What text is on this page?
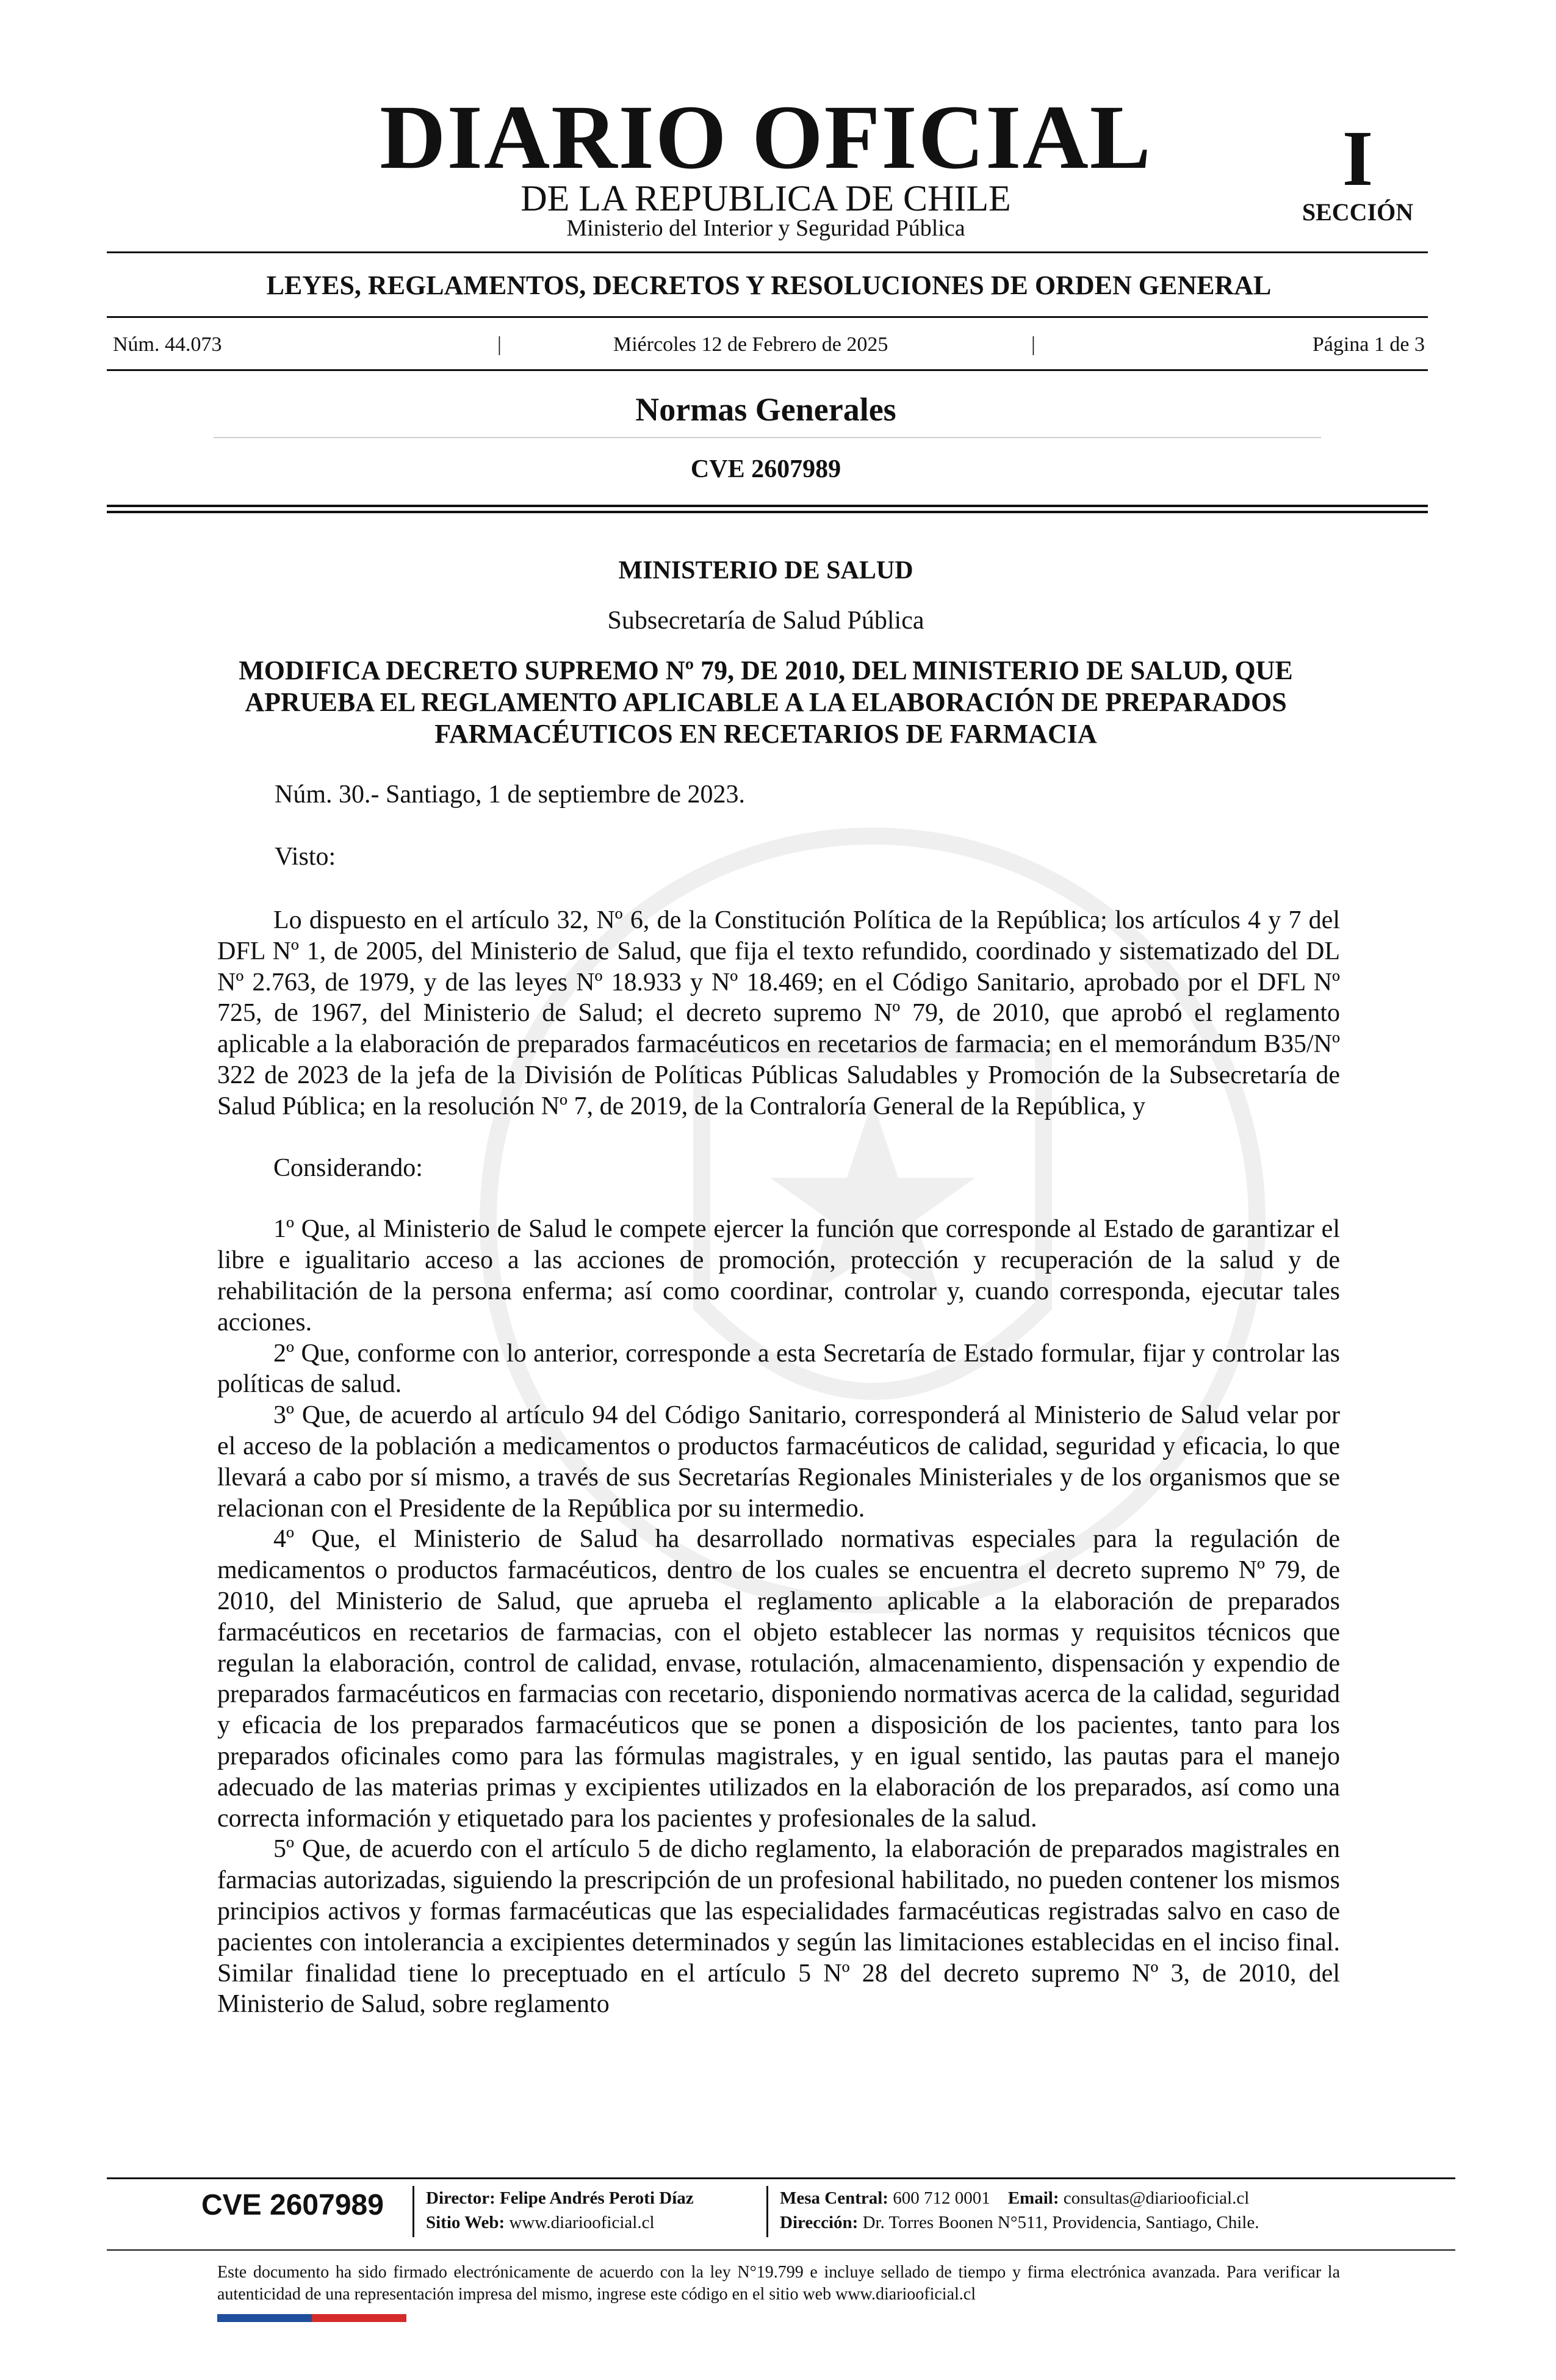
DIARIO OFICIAL
DE LA REPUBLICA DE CHILE
Ministerio del Interior y Seguridad Pública
I
SECCIÓN
LEYES, REGLAMENTOS, DECRETOS Y RESOLUCIONES DE ORDEN GENERAL
Núm. 44.073	|	Miércoles 12 de Febrero de 2025	|	Página 1 de 3
Normas Generales
CVE 2607989
MINISTERIO DE SALUD
Subsecretaría de Salud Pública
MODIFICA DECRETO SUPREMO Nº 79, DE 2010, DEL MINISTERIO DE SALUD, QUE APRUEBA EL REGLAMENTO APLICABLE A LA ELABORACIÓN DE PREPARADOS FARMACÉUTICOS EN RECETARIOS DE FARMACIA
Núm. 30.- Santiago, 1 de septiembre de 2023.
Visto:

Lo dispuesto en el artículo 32, Nº 6, de la Constitución Política de la República; los artículos 4 y 7 del DFL Nº 1, de 2005, del Ministerio de Salud, que fija el texto refundido, coordinado y sistematizado del DL Nº 2.763, de 1979, y de las leyes Nº 18.933 y Nº 18.469; en el Código Sanitario, aprobado por el DFL Nº 725, de 1967, del Ministerio de Salud; el decreto supremo Nº 79, de 2010, que aprobó el reglamento aplicable a la elaboración de preparados farmacéuticos en recetarios de farmacia; en el memorándum B35/Nº 322 de 2023 de la jefa de la División de Políticas Públicas Saludables y Promoción de la Subsecretaría de Salud Pública; en la resolución Nº 7, de 2019, de la Contraloría General de la República, y

Considerando:

1º Que, al Ministerio de Salud le compete ejercer la función que corresponde al Estado de garantizar el libre e igualitario acceso a las acciones de promoción, protección y recuperación de la salud y de rehabilitación de la persona enferma; así como coordinar, controlar y, cuando corresponda, ejecutar tales acciones.

2º Que, conforme con lo anterior, corresponde a esta Secretaría de Estado formular, fijar y controlar las políticas de salud.

3º Que, de acuerdo al artículo 94 del Código Sanitario, corresponderá al Ministerio de Salud velar por el acceso de la población a medicamentos o productos farmacéuticos de calidad, seguridad y eficacia, lo que llevará a cabo por sí mismo, a través de sus Secretarías Regionales Ministeriales y de los organismos que se relacionan con el Presidente de la República por su intermedio.

4º Que, el Ministerio de Salud ha desarrollado normativas especiales para la regulación de medicamentos o productos farmacéuticos, dentro de los cuales se encuentra el decreto supremo Nº 79, de 2010, del Ministerio de Salud, que aprueba el reglamento aplicable a la elaboración de preparados farmacéuticos en recetarios de farmacias, con el objeto establecer las normas y requisitos técnicos que regulan la elaboración, control de calidad, envase, rotulación, almacenamiento, dispensación y expendio de preparados farmacéuticos en farmacias con recetario, disponiendo normativas acerca de la calidad, seguridad y eficacia de los preparados farmacéuticos que se ponen a disposición de los pacientes, tanto para los preparados oficinales como para las fórmulas magistrales, y en igual sentido, las pautas para el manejo adecuado de las materias primas y excipientes utilizados en la elaboración de los preparados, así como una correcta información y etiquetado para los pacientes y profesionales de la salud.

5º Que, de acuerdo con el artículo 5 de dicho reglamento, la elaboración de preparados magistrales en farmacias autorizadas, siguiendo la prescripción de un profesional habilitado, no pueden contener los mismos principios activos y formas farmacéuticas que las especialidades farmacéuticas registradas salvo en caso de pacientes con intolerancia a excipientes determinados y según las limitaciones establecidas en el inciso final. Similar finalidad tiene lo preceptuado en el artículo 5 Nº 28 del decreto supremo Nº 3, de 2010, del Ministerio de Salud, sobre reglamento

CVE 2607989 Director: Felipe Andrés Peroti Díaz
Sitio Web: www.diariooficial.cl
Mesa Central: 600 712 0001 Email: consultas@diariooficial.cl
Dirección: Dr. Torres Boonen N°511, Providencia, Santiago, Chile.
Este documento ha sido firmado electrónicamente de acuerdo con la ley N°19.799 e incluye sellado de tiempo y firma electrónica avanzada. Para verificar la autenticidad de una representación impresa del mismo, ingrese este código en el sitio web www.diariooficial.cl
